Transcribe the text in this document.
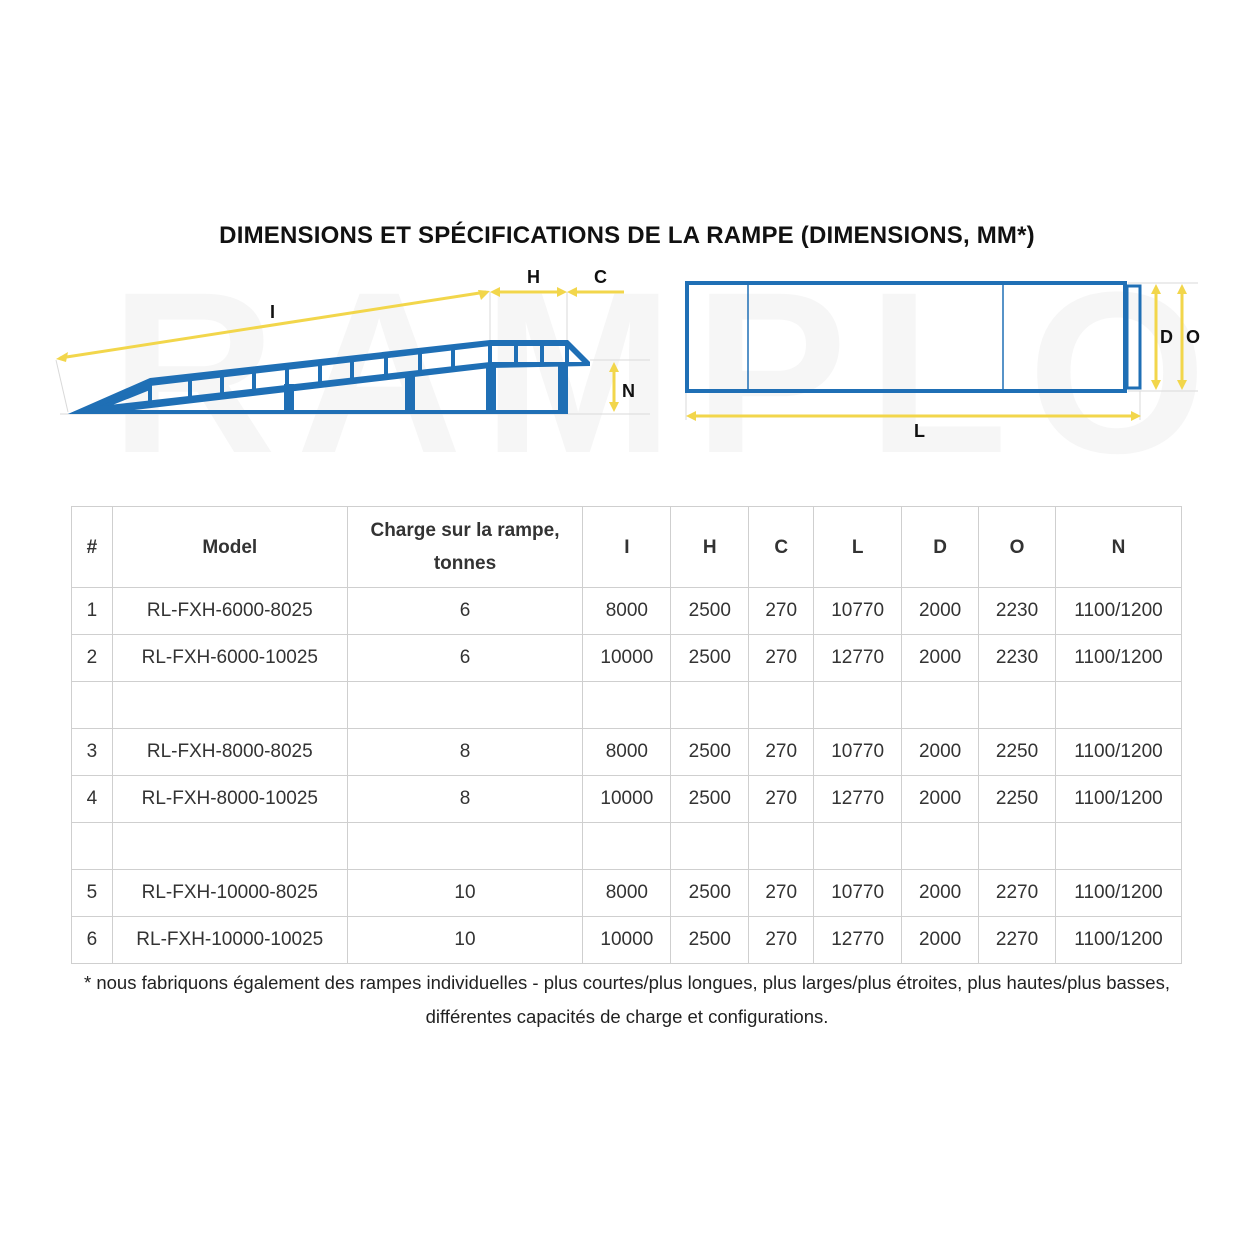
DIMENSIONS ET SPÉCIFICATIONS DE LA RAMPE (DIMENSIONS, MM*)
I
H	C
N
D O
L
#	Model	Charge sur la rampe, tonnes	I	H	C	L	D	O	N
1	RL-FXH-6000-8025	6	8000	2500	270	10770	2000	2230	1100/1200
2	RL-FXH-6000-10025	6	10000	2500	270	12770	2000	2230	1100/1200

3	RL-FXH-8000-8025	8	8000	2500	270	10770	2000	2250	1100/1200
4	RL-FXH-8000-10025	8	10000	2500	270	12770	2000	2250	1100/1200

5	RL-FXH-10000-8025	10	8000	2500	270	10770	2000	2270	1100/1200
6	RL-FXH-10000-10025	10	10000	2500	270	12770	2000	2270	1100/1200
* nous fabriquons également des rampes individuelles - plus courtes/plus longues, plus larges/plus étroites, plus hautes/plus basses,
différentes capacités de charge et configurations.
